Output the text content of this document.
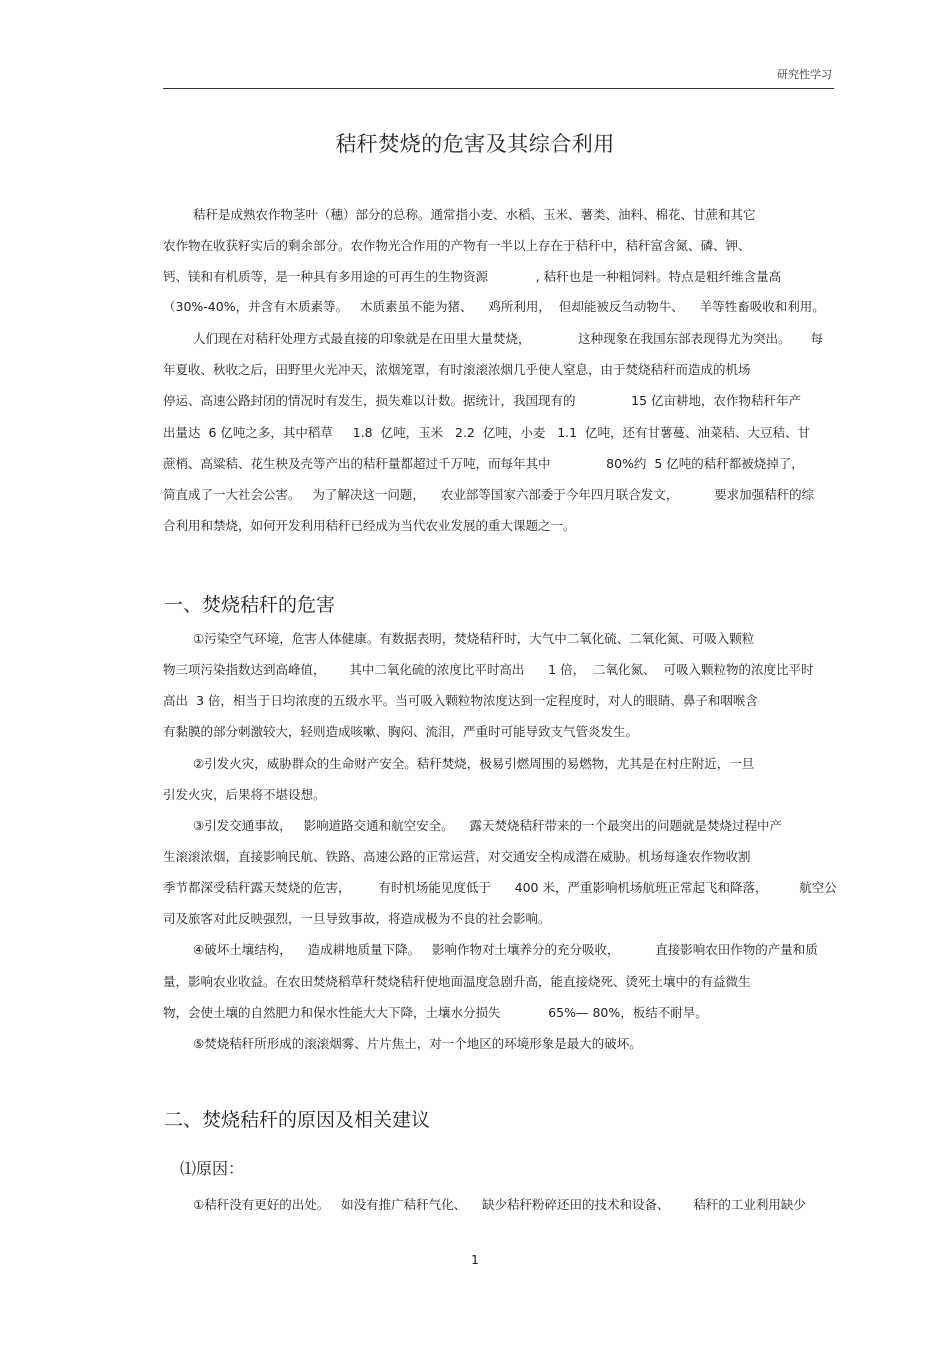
研究性学习
秸秆焚烧的危害及其综合利用
秸秆是成熟农作物茎叶（穗）部分的总称。通常指小麦、水稻、玉米、薯类、油料、棉花、甘蔗和其它
农作物在收获籽实后的剩余部分。农作物光合作用的产物有一半以上存在于秸秆中，秸秆富含氮、磷、钾、
钙、镁和有机质等，是一种具有多用途的可再生的生物资源            , 秸秆也是一种粗饲料。特点是粗纤维含量高
（30%-40%，并含有木质素等。   木质素虽不能为猪、    鸡所利用，  但却能被反刍动物牛、    羊等牲畜吸收和利用。
人们现在对秸秆处理方式最直接的印象就是在田里大量焚烧，            这种现象在我国东部表现得尤为突出。     每
年夏收、秋收之后，田野里火光冲天，浓烟笼罩，有时滚滚浓烟几乎使人窒息，由于焚烧秸秆而造成的机场
停运、高速公路封闭的情况时有发生，损失难以计数。据统计，我国现有的              15 亿亩耕地，农作物秸秆年产
出量达  6 亿吨之多，其中稻草     1.8  亿吨，玉米   2.2  亿吨，小麦   1.1  亿吨，还有甘薯蔓、油菜秸、大豆秸、甘
蔗梢、高粱秸、花生秧及壳等产出的秸秆量都超过千万吨，而每年其中              80%约  5 亿吨的秸秆都被烧掉了，
简直成了一大社会公害。   为了解决这一问题，    农业部等国家六部委于今年四月联合发文，         要求加强秸秆的综
合利用和禁烧，如何开发利用秸秆已经成为当代农业发展的重大课题之一。
一、焚烧秸秆的危害
①污染空气环境，危害人体健康。有数据表明，焚烧秸秆时，大气中二氧化硫、二氧化氮、可吸入颗粒
物三项污染指数达到高峰值，      其中二氧化硫的浓度比平时高出      1 倍，  二氧化氮、  可吸入颗粒物的浓度比平时
高出  3 倍，相当于日均浓度的五级水平。当可吸入颗粒物浓度达到一定程度时，对人的眼睛、鼻子和咽喉含
有黏膜的部分刺激较大，轻则造成咳嗽、胸闷、流泪，严重时可能导致支气管炎发生。
②引发火灾，威胁群众的生命财产安全。秸秆焚烧，极易引燃周围的易燃物，尤其是在村庄附近，一旦
引发火灾，后果将不堪设想。
③引发交通事故，   影响道路交通和航空安全。    露天焚烧秸秆带来的一个最突出的问题就是焚烧过程中产
生滚滚浓烟，直接影响民航、铁路、高速公路的正常运营，对交通安全构成潜在威胁。机场每逢农作物收割
季节都深受秸秆露天焚烧的危害，       有时机场能见度低于      400 米，严重影响机场航班正常起飞和降落，        航空公
司及旅客对此反映强烈，一旦导致事故，将造成极为不良的社会影响。
④破坏土壤结构，    造成耕地质量下降。   影响作物对土壤养分的充分吸收，         直接影响农田作物的产量和质
量，影响农业收益。在农田焚烧稻草秆焚烧秸秆使地面温度急剧升高，能直接烧死、烫死土壤中的有益微生
物，会使土壤的自然肥力和保水性能大大下降，土壤水分损失            65%— 80%，板结不耐旱。
⑤焚烧秸秆所形成的滚滚烟雾、片片焦土，对一个地区的环境形象是最大的破坏。
二、焚烧秸秆的原因及相关建议
⑴原因：
①秸秆没有更好的出处。   如没有推广秸秆气化、    缺少秸秆粉碎还田的技术和设备、      秸秆的工业利用缺少
1
